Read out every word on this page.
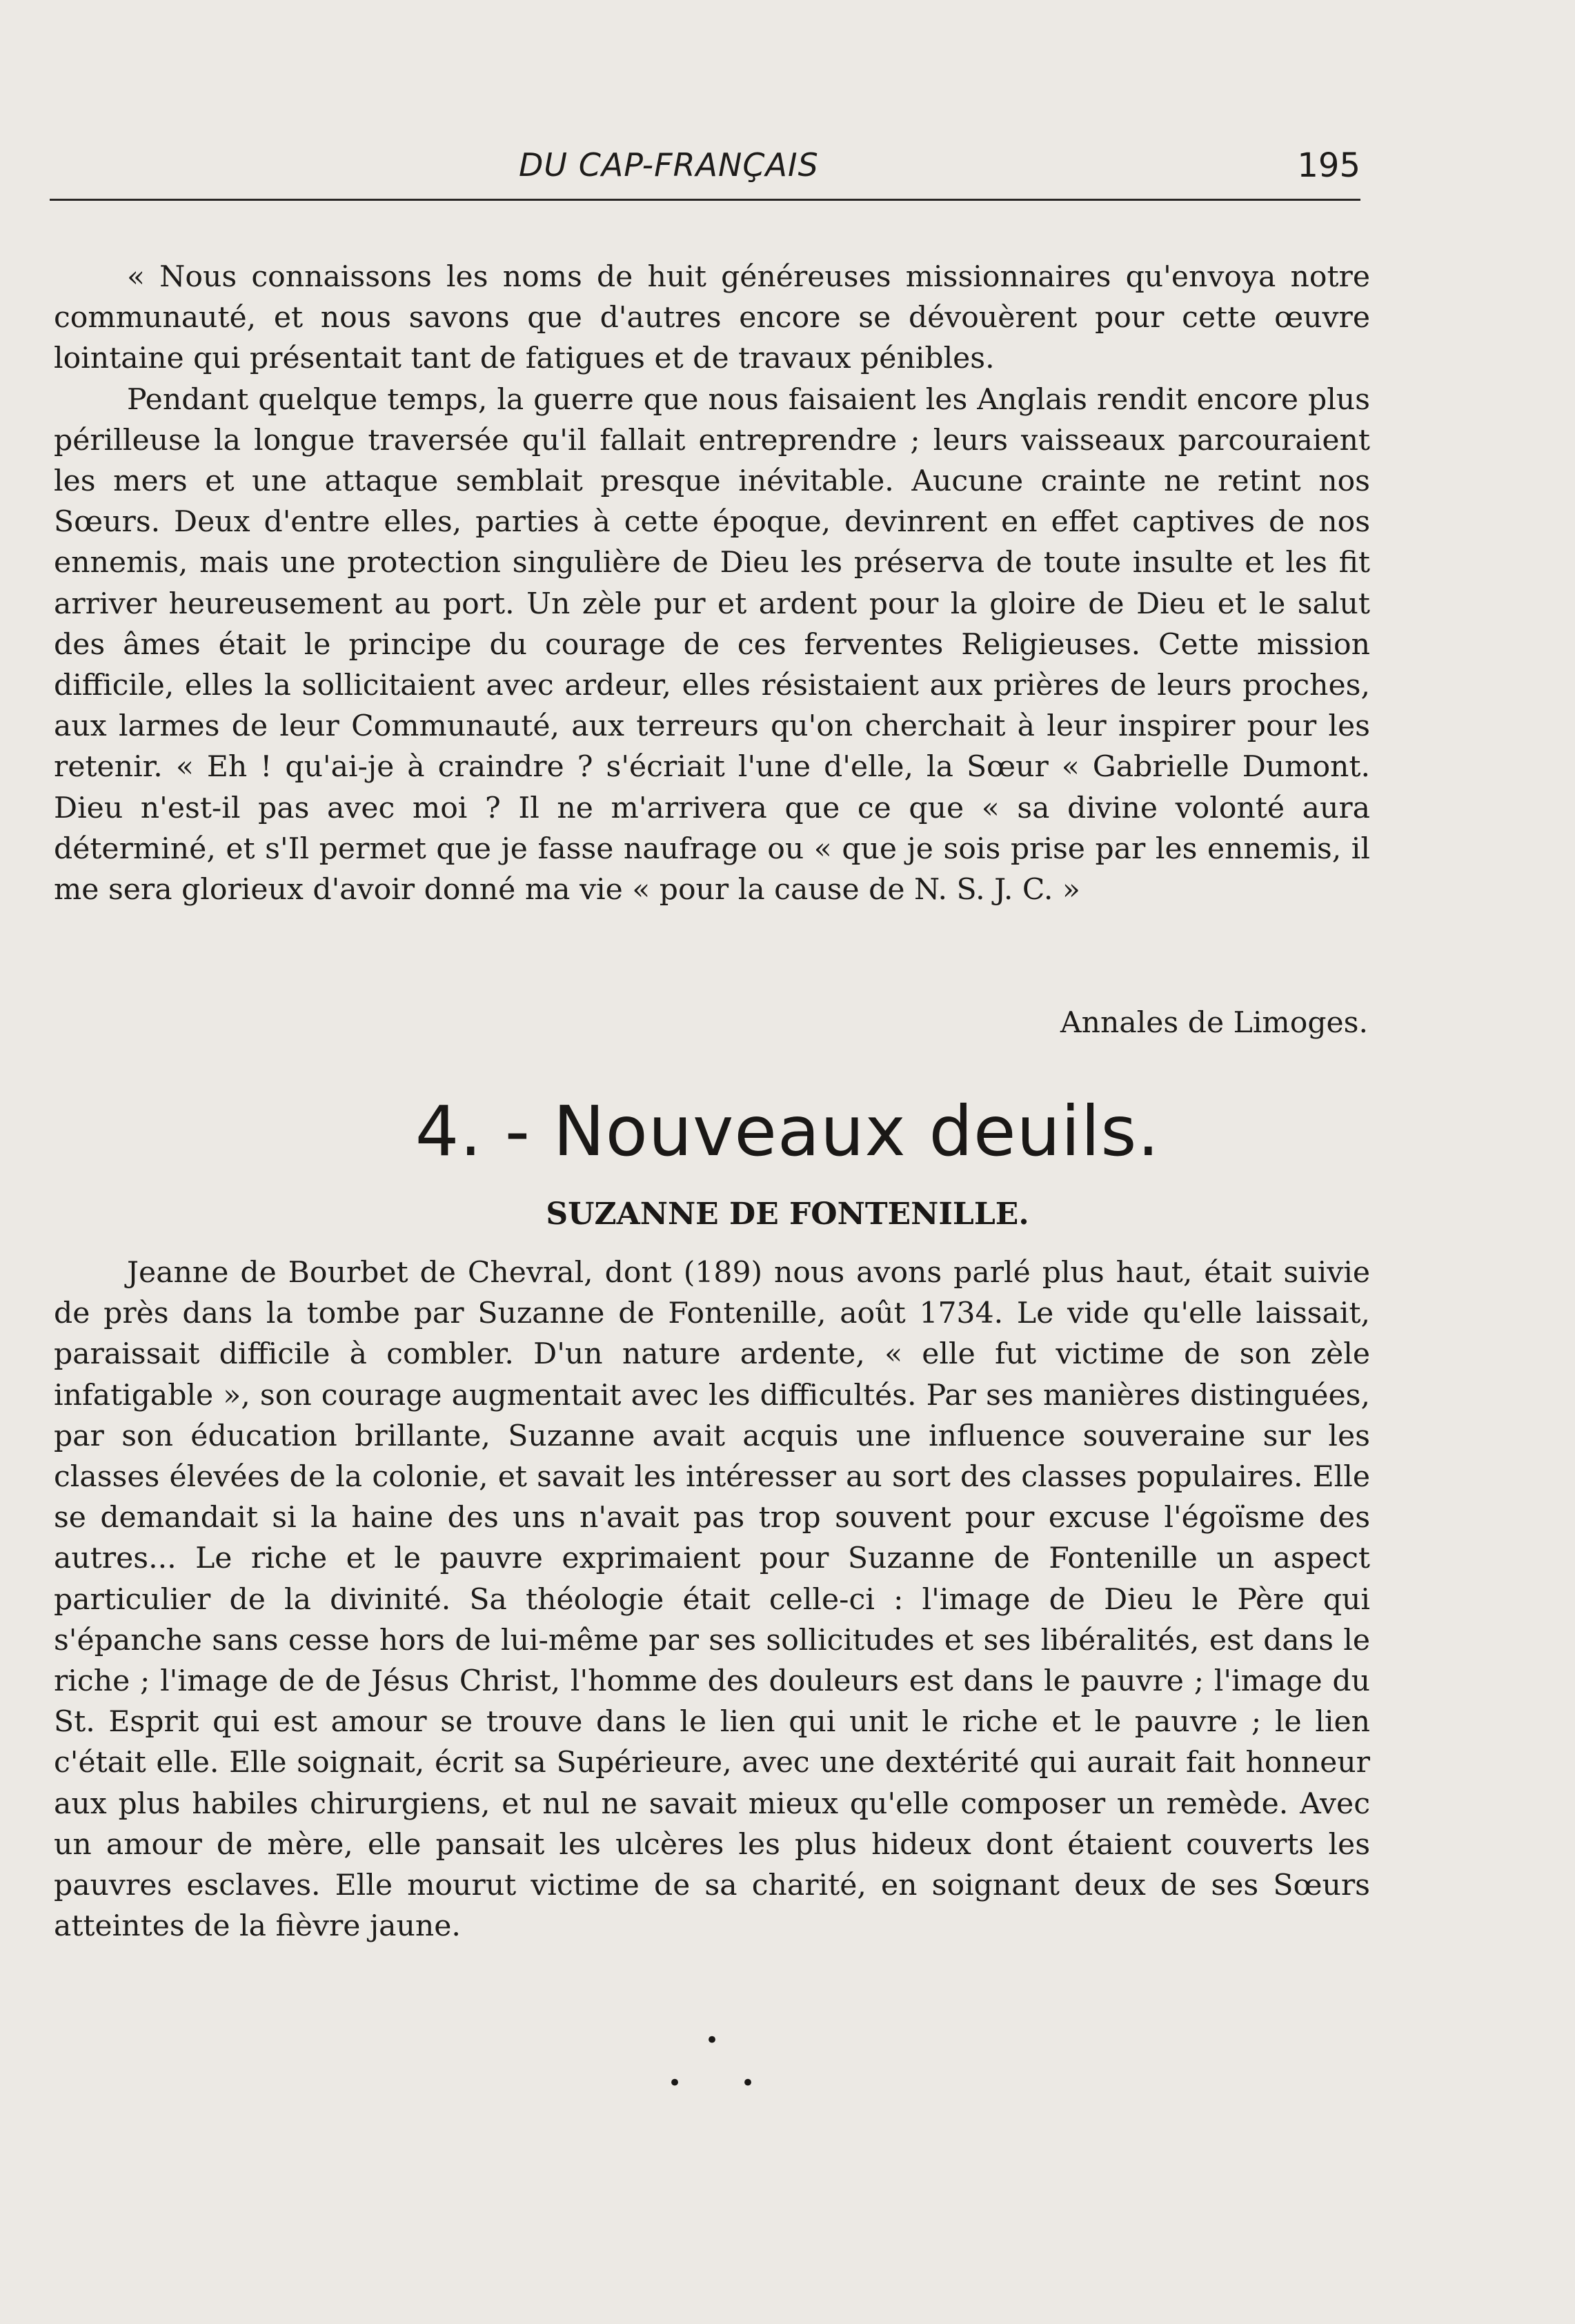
DU CAP-FRANÇAIS	195

« Nous connaissons les noms de huit généreuses missionnaires qu'envoya notre communauté, et nous savons que d'autres encore se dévouèrent pour cette œuvre lointaine qui présentait tant de fatigues et de travaux pénibles.

Pendant quelque temps, la guerre que nous faisaient les Anglais rendit encore plus périlleuse la longue traversée qu'il fallait entreprendre ; leurs vaisseaux parcouraient les mers et une attaque semblait presque inévitable. Aucune crainte ne retint nos Sœurs. Deux d'entre elles, parties à cette époque, devinrent en effet captives de nos ennemis, mais une protection singulière de Dieu les préserva de toute insulte et les fit arriver heureusement au port. Un zèle pur et ardent pour la gloire de Dieu et le salut des âmes était le principe du courage de ces ferventes Religieuses. Cette mission difficile, elles la sollicitaient avec ardeur, elles résistaient aux prières de leurs proches, aux larmes de leur Communauté, aux terreurs qu'on cherchait à leur inspirer pour les retenir. « Eh ! qu'ai-je à craindre ? s'écriait l'une d'elle, la Sœur « Gabrielle Dumont. Dieu n'est-il pas avec moi ? Il ne m'arrivera que ce que « sa divine volonté aura déterminé, et s'Il permet que je fasse naufrage ou « que je sois prise par les ennemis, il me sera glorieux d'avoir donné ma vie « pour la cause de N. S. J. C. »

Annales de Limoges.
4. - Nouveaux deuils.
SUZANNE DE FONTENILLE.

Jeanne de Bourbet de Chevral, dont (189) nous avons parlé plus haut, était suivie de près dans la tombe par Suzanne de Fontenille, août 1734. Le vide qu'elle laissait, paraissait difficile à combler. D'un nature ardente, « elle fut victime de son zèle infatigable », son courage augmentait avec les difficultés. Par ses manières distinguées, par son éducation brillante, Suzanne avait acquis une influence souveraine sur les classes élevées de la colonie, et savait les intéresser au sort des classes populaires. Elle se demandait si la haine des uns n'avait pas trop souvent pour excuse l'égoïsme des autres... Le riche et le pauvre exprimaient pour Suzanne de Fontenille un aspect particulier de la divinité. Sa théologie était celle-ci : l'image de Dieu le Père qui s'épanche sans cesse hors de lui-même par ses sollicitudes et ses libéralités, est dans le riche ; l'image de de Jésus Christ, l'homme des douleurs est dans le pauvre ; l'image du St. Esprit qui est amour se trouve dans le lien qui unit le riche et le pauvre ; le lien c'était elle. Elle soignait, écrit sa Supérieure, avec une dextérité qui aurait fait honneur aux plus habiles chirurgiens, et nul ne savait mieux qu'elle composer un remède. Avec un amour de mère, elle pansait les ulcères les plus hideux dont étaient couverts les pauvres esclaves. Elle mourut victime de sa charité, en soignant deux de ses Sœurs atteintes de la fièvre jaune.

•
•	•
